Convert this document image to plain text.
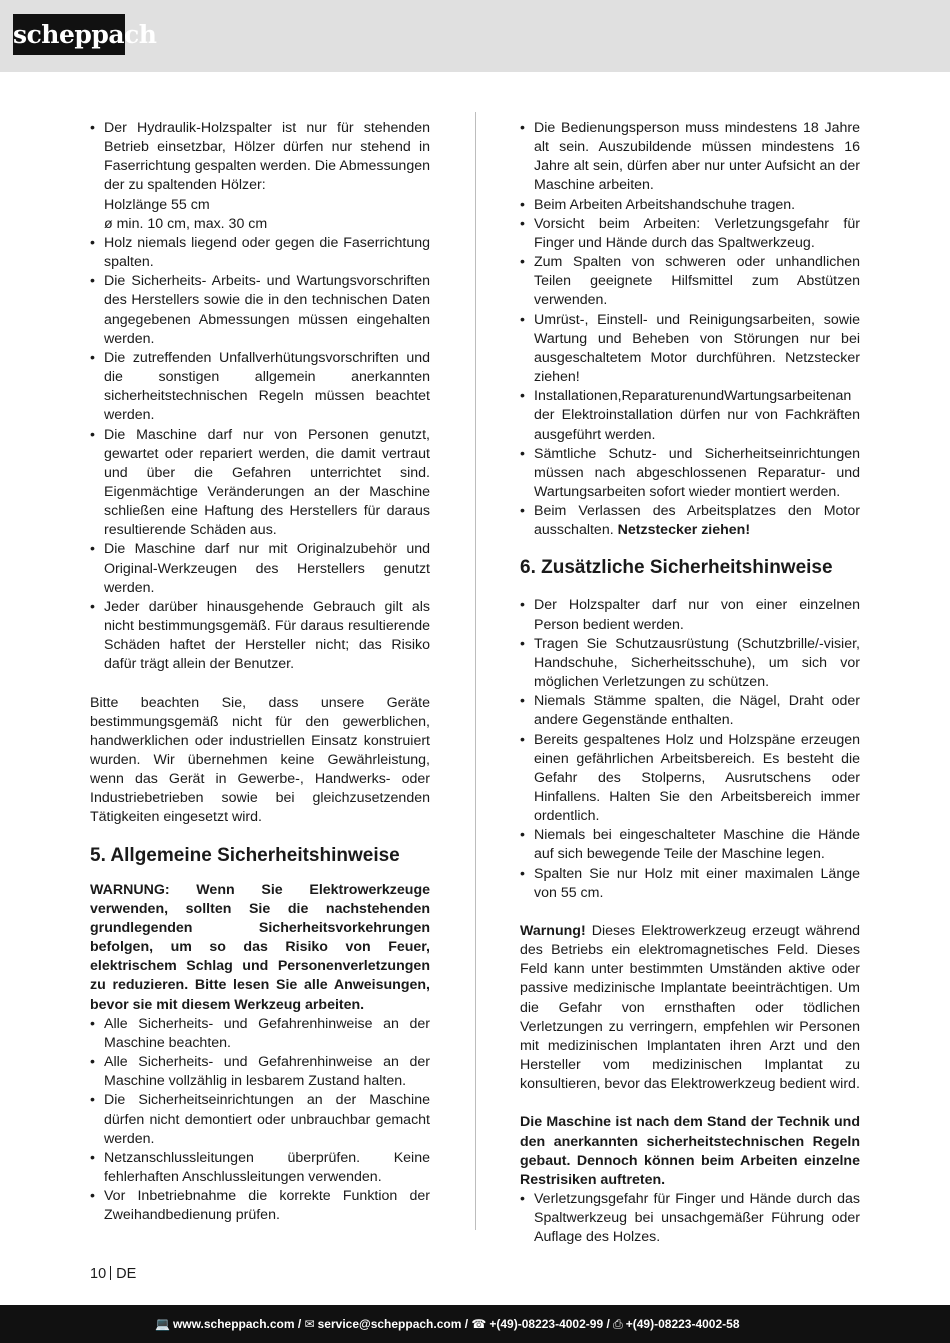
scheppach
• Der Hydraulik-Holzspalter ist nur für stehenden Betrieb einsetzbar, Hölzer dürfen nur stehend in Faserrichtung gespalten werden. Die Abmessungen der zu spaltenden Hölzer:
Holzlänge 55 cm
ø min. 10 cm, max. 30 cm
• Holz niemals liegend oder gegen die Faserrichtung spalten.
• Die Sicherheits- Arbeits- und Wartungsvorschriften des Herstellers sowie die in den technischen Daten angegebenen Abmessungen müssen eingehalten werden.
• Die zutreffenden Unfallverhütungsvorschriften und die sonstigen allgemein anerkannten sicherheitstechnischen Regeln müssen beachtet werden.
• Die Maschine darf nur von Personen genutzt, gewartet oder repariert werden, die damit vertraut und über die Gefahren unterrichtet sind. Eigenmächtige Veränderungen an der Maschine schließen eine Haftung des Herstellers für daraus resultierende Schäden aus.
• Die Maschine darf nur mit Originalzubehör und Original-Werkzeugen des Herstellers genutzt werden.
• Jeder darüber hinausgehende Gebrauch gilt als nicht bestimmungsgemäß. Für daraus resultierende Schäden haftet der Hersteller nicht; das Risiko dafür trägt allein der Benutzer.

Bitte beachten Sie, dass unsere Geräte bestimmungsgemäß nicht für den gewerblichen, handwerklichen oder industriellen Einsatz konstruiert wurden. Wir übernehmen keine Gewährleistung, wenn das Gerät in Gewerbe-, Handwerks- oder Industriebetrieben sowie bei gleichzusetzenden Tätigkeiten eingesetzt wird.

5. Allgemeine Sicherheitshinweise

WARNUNG: Wenn Sie Elektrowerkzeuge verwenden, sollten Sie die nachstehenden grundlegenden Sicherheitsvorkehrungen befolgen, um so das Risiko von Feuer, elektrischem Schlag und Personenverletzungen zu reduzieren. Bitte lesen Sie alle Anweisungen, bevor sie mit diesem Werkzeug arbeiten.

• Alle Sicherheits- und Gefahrenhinweise an der Maschine beachten.
• Alle Sicherheits- und Gefahrenhinweise an der Maschine vollzählig in lesbarem Zustand halten.
• Die Sicherheitseinrichtungen an der Maschine dürfen nicht demontiert oder unbrauchbar gemacht werden.
• Netzanschlussleitungen überprüfen. Keine fehlerhaften Anschlussleitungen verwenden.
• Vor Inbetriebnahme die korrekte Funktion der Zweihandbedienung prüfen.
• Die Bedienungsperson muss mindestens 18 Jahre alt sein. Auszubildende müssen mindestens 16 Jahre alt sein, dürfen aber nur unter Aufsicht an der Maschine arbeiten.
• Beim Arbeiten Arbeitshandschuhe tragen.
• Vorsicht beim Arbeiten: Verletzungsgefahr für Finger und Hände durch das Spaltwerkzeug.
• Zum Spalten von schweren oder unhandlichen Teilen geeignete Hilfsmittel zum Abstützen verwenden.
• Umrüst-, Einstell- und Reinigungsarbeiten, sowie Wartung und Beheben von Störungen nur bei ausgeschaltetem Motor durchführen. Netzstecker ziehen!
• Installationen,ReparaturenundWartungsarbeitenan der Elektroinstallation dürfen nur von Fachkräften ausgeführt werden.
• Sämtliche Schutz- und Sicherheitseinrichtungen müssen nach abgeschlossenen Reparatur- und Wartungsarbeiten sofort wieder montiert werden.
• Beim Verlassen des Arbeitsplatzes den Motor ausschalten. Netzstecker ziehen!
6. Zusätzliche Sicherheitshinweise
• Der Holzspalter darf nur von einer einzelnen Person bedient werden.
• Tragen Sie Schutzausrüstung (Schutzbrille/-visier, Handschuhe, Sicherheitsschuhe), um sich vor möglichen Verletzungen zu schützen.
• Niemals Stämme spalten, die Nägel, Draht oder andere Gegenstände enthalten.
• Bereits gespaltenes Holz und Holzspäne erzeugen einen gefährlichen Arbeitsbereich. Es besteht die Gefahr des Stolperns, Ausrutschens oder Hinfallens. Halten Sie den Arbeitsbereich immer ordentlich.
• Niemals bei eingeschalteter Maschine die Hände auf sich bewegende Teile der Maschine legen.
• Spalten Sie nur Holz mit einer maximalen Länge von 55 cm.

Warnung! Dieses Elektrowerkzeug erzeugt während des Betriebs ein elektromagnetisches Feld. Dieses Feld kann unter bestimmten Umständen aktive oder passive medizinische Implantate beeinträchtigen. Um die Gefahr von ernsthaften oder tödlichen Verletzungen zu verringern, empfehlen wir Personen mit medizinischen Implantaten ihren Arzt und den Hersteller vom medizinischen Implantat zu konsultieren, bevor das Elektrowerkzeug bedient wird.

Die Maschine ist nach dem Stand der Technik und den anerkannten sicherheitstechnischen Regeln gebaut. Dennoch können beim Arbeiten einzelne Restrisiken auftreten.

• Verletzungsgefahr für Finger und Hände durch das Spaltwerkzeug bei unsachgemäßer Führung oder Auflage des Holzes.
10 DE
💻 www.scheppach.com / ✉ service@scheppach.com / ☎ +(49)-08223-4002-99 / ⎙ +(49)-08223-4002-58
